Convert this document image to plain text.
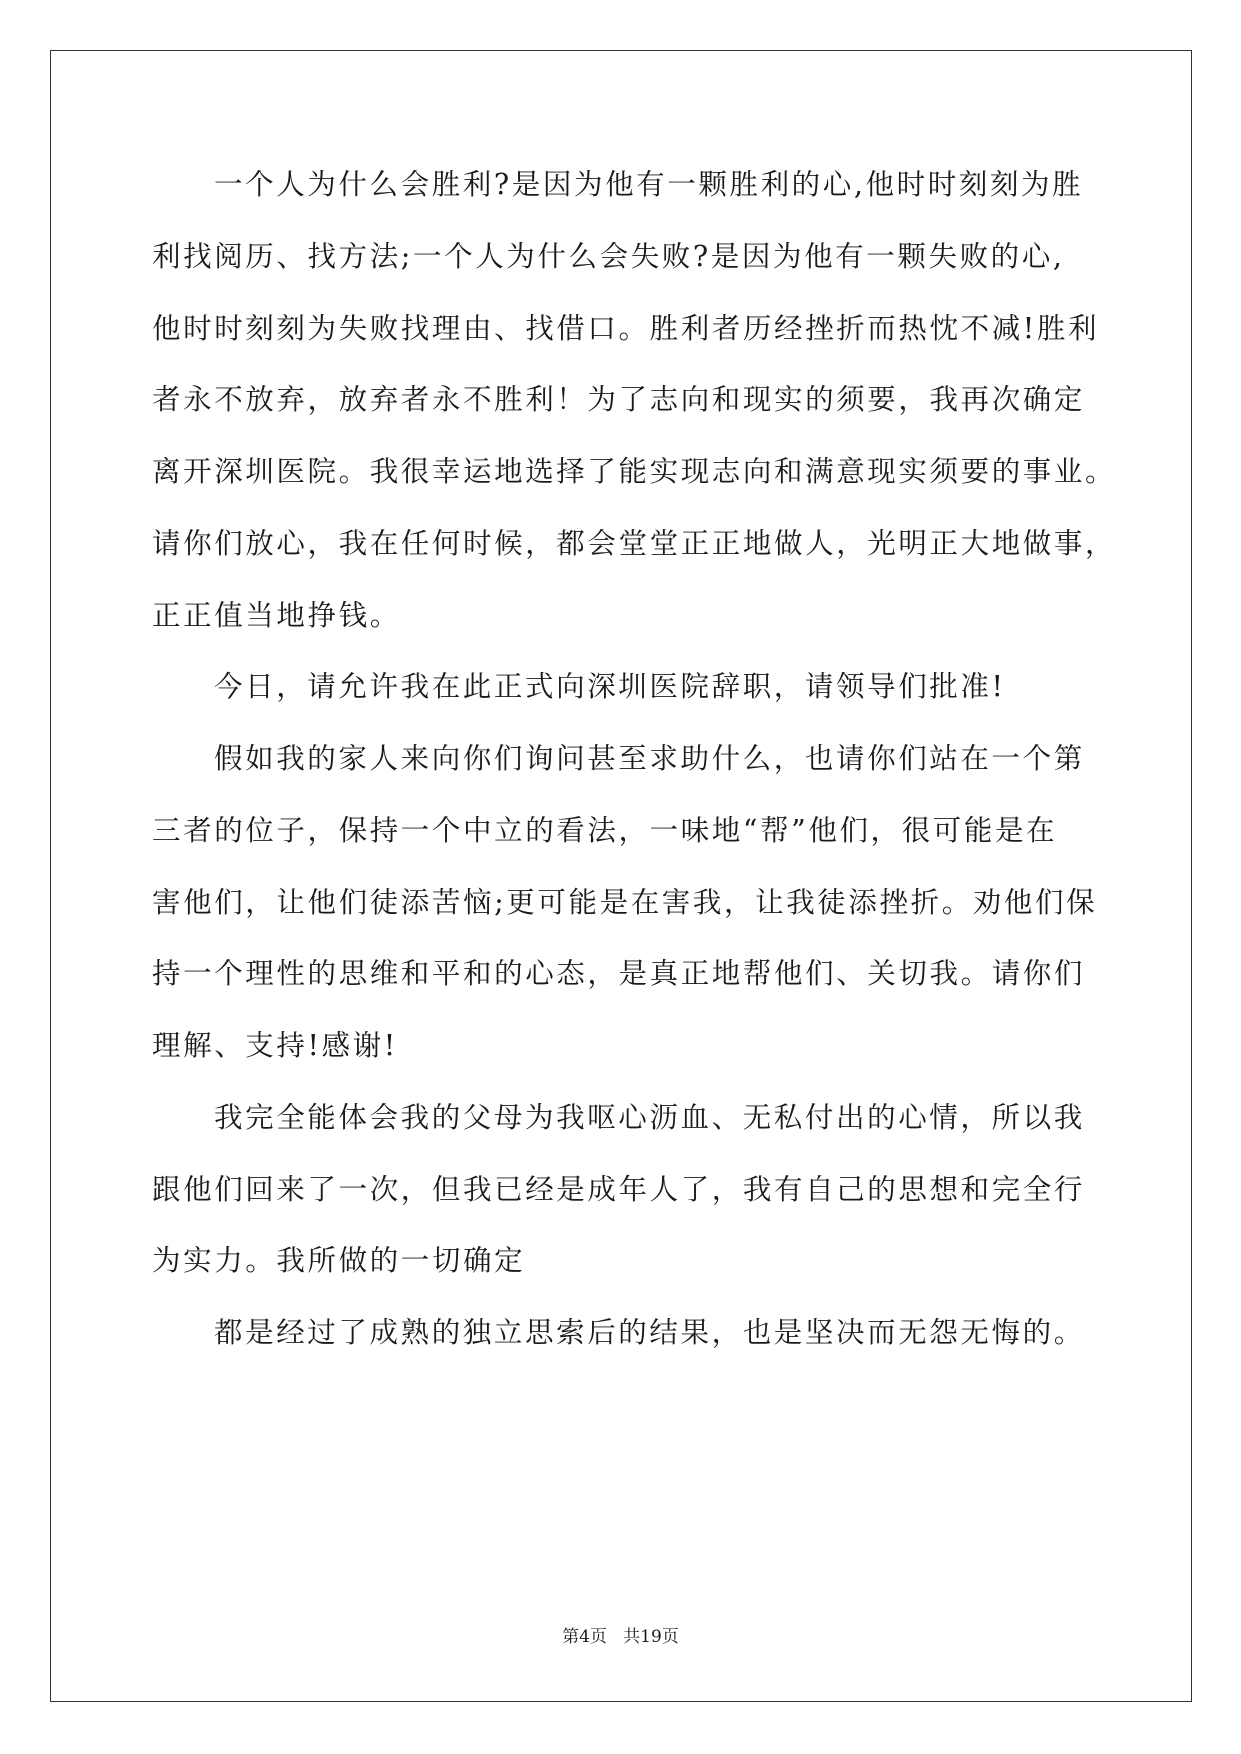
一个人为什么会胜利?是因为他有一颗胜利的心,他时时刻刻为胜
利找阅历、找方法;一个人为什么会失败?是因为他有一颗失败的心,
他时时刻刻为失败找理由、找借口。胜利者历经挫折而热忱不减!胜利
者永不放弃，放弃者永不胜利！为了志向和现实的须要，我再次确定
离开深圳医院。我很幸运地选择了能实现志向和满意现实须要的事业。
请你们放心，我在任何时候，都会堂堂正正地做人，光明正大地做事，
正正值当地挣钱。
今日，请允许我在此正式向深圳医院辞职，请领导们批准!
假如我的家人来向你们询问甚至求助什么，也请你们站在一个第
三者的位子，保持一个中立的看法，一味地“帮”他们，很可能是在
害他们，让他们徒添苦恼;更可能是在害我，让我徒添挫折。劝他们保
持一个理性的思维和平和的心态，是真正地帮他们、关切我。请你们
理解、支持!感谢!
我完全能体会我的父母为我呕心沥血、无私付出的心情，所以我
跟他们回来了一次，但我已经是成年人了，我有自己的思想和完全行
为实力。我所做的一切确定
都是经过了成熟的独立思索后的结果，也是坚决而无怨无悔的。
第4页   共19页
